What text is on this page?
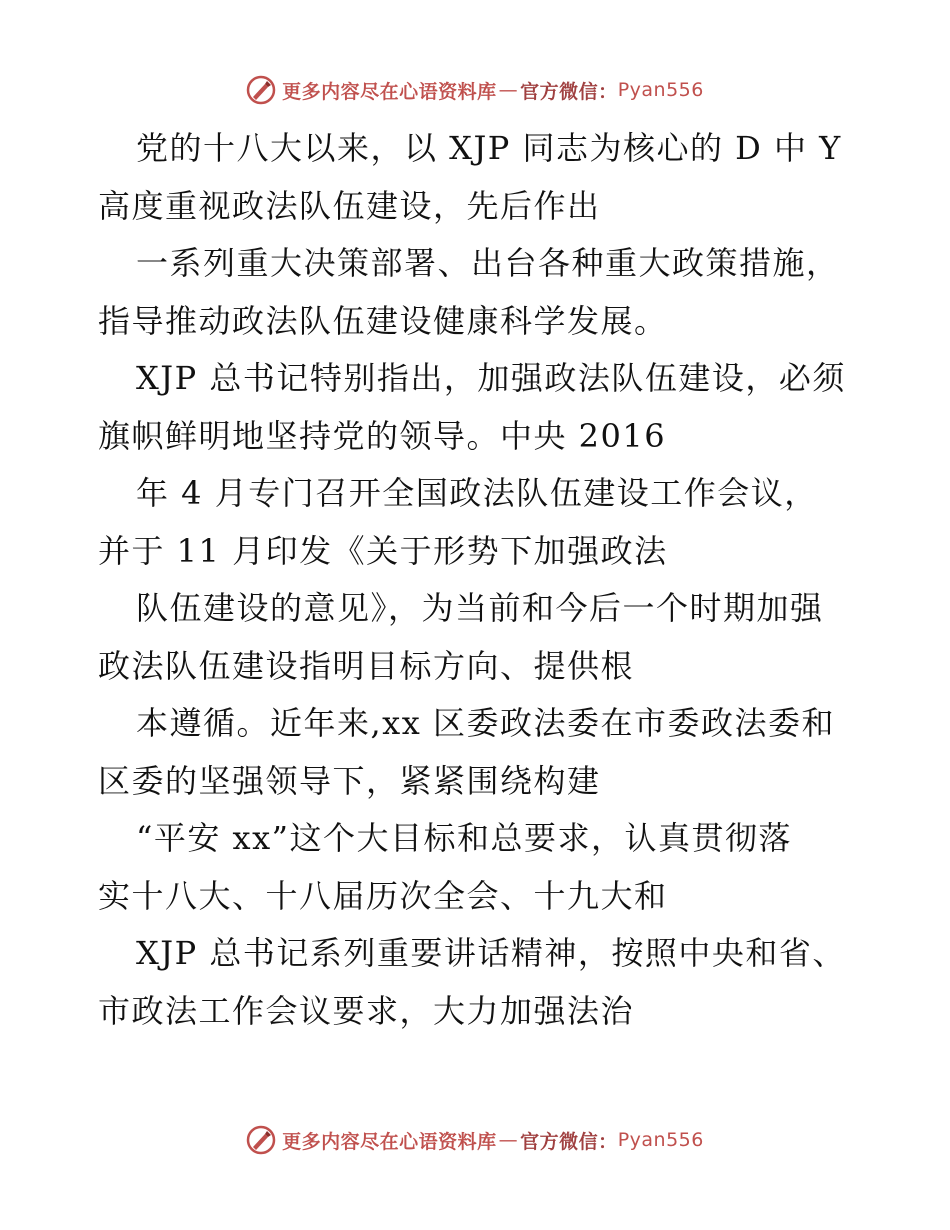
更多内容尽在心语资料库 — 官方微信： Pyan556
党的十八大以来，以 XJP 同志为核心的 D 中 Y
高度重视政法队伍建设，先后作出
一系列重大决策部署、出台各种重大政策措施，
指导推动政法队伍建设健康科学发展。
XJP 总书记特别指出，加强政法队伍建设，必须
旗帜鲜明地坚持党的领导。中央 2016
年 4 月专门召开全国政法队伍建设工作会议，
并于 11 月印发《关于形势下加强政法
队伍建设的意见》，为当前和今后一个时期加强
政法队伍建设指明目标方向、提供根
本遵循。近年来,xx 区委政法委在市委政法委和
区委的坚强领导下，紧紧围绕构建
“平安 xx”这个大目标和总要求，认真贯彻落
实十八大、十八届历次全会、十九大和
XJP 总书记系列重要讲话精神，按照中央和省、
市政法工作会议要求，大力加强法治
更多内容尽在心语资料库 — 官方微信： Pyan556
